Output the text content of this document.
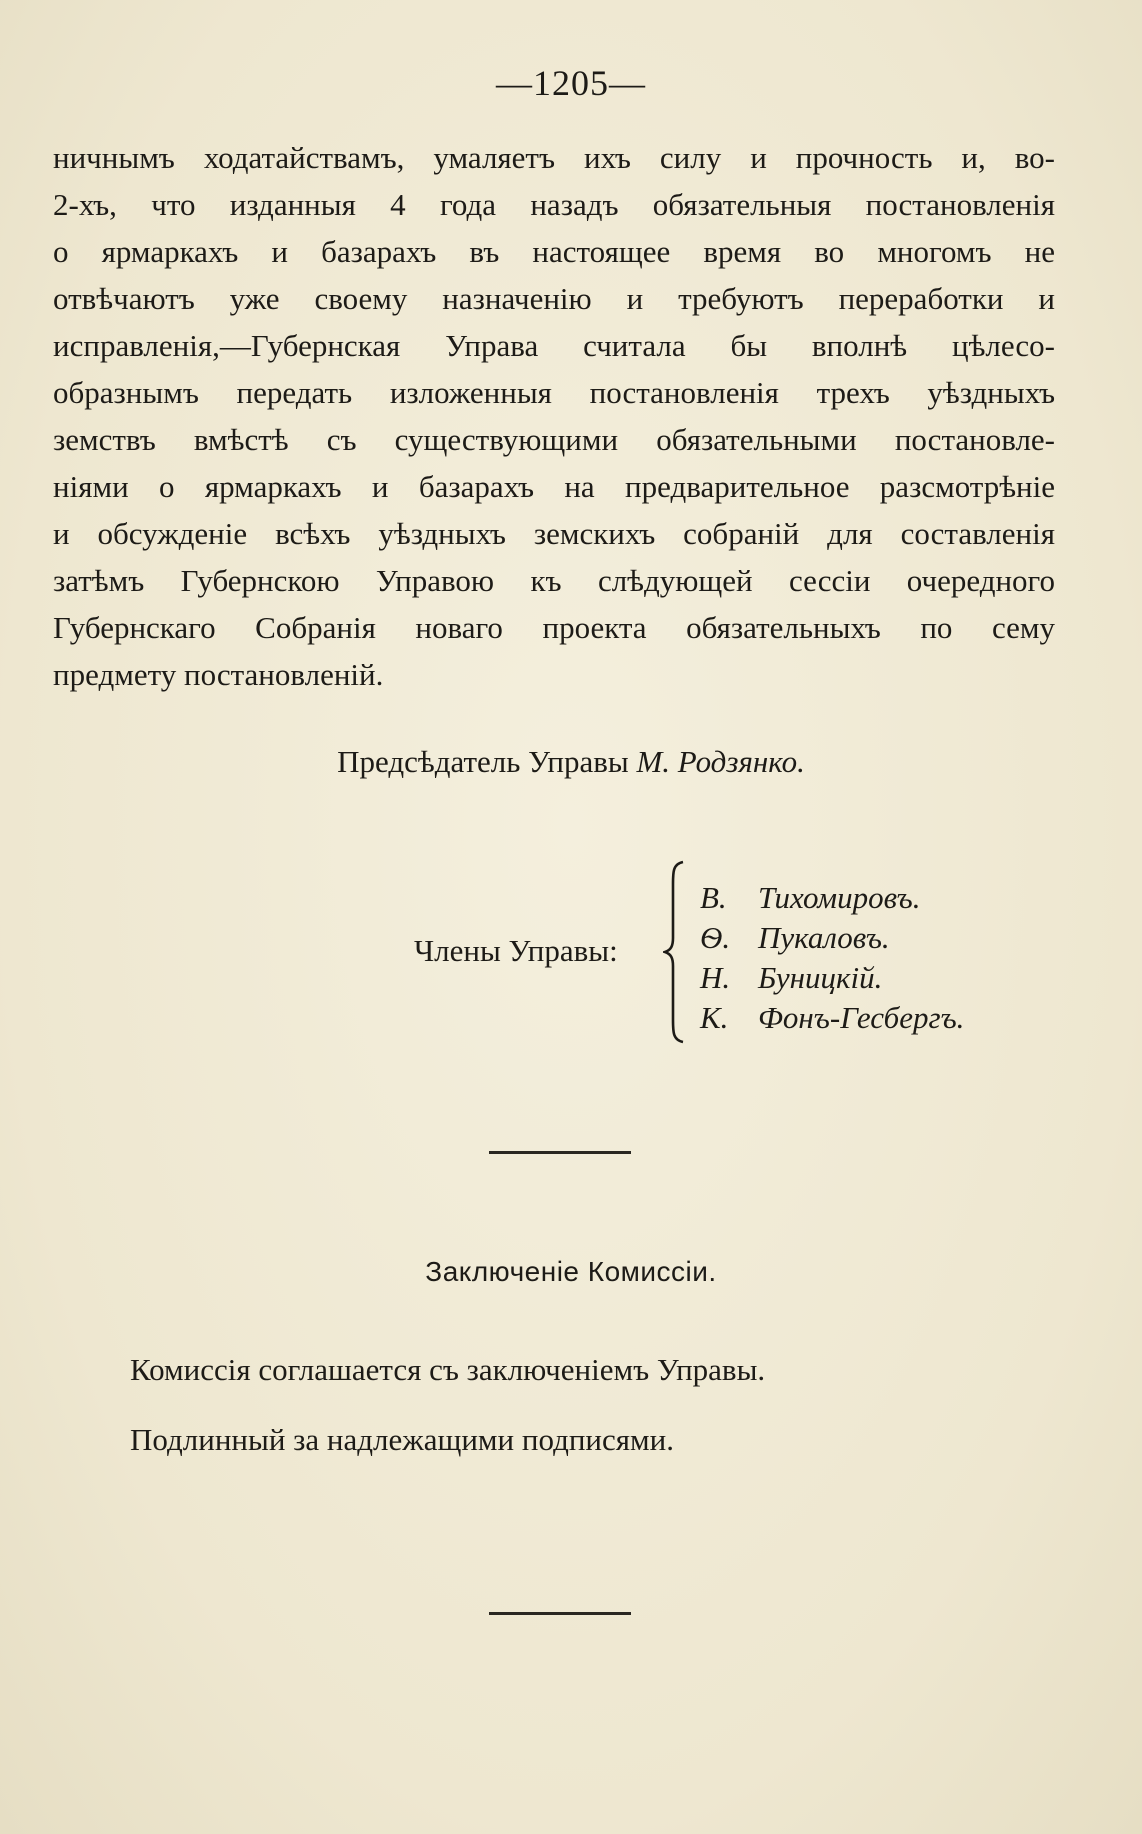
—1205—
ничнымъ ходатайствамъ, умаляетъ ихъ силу и прочность и, во-
2-хъ, что изданныя 4 года назадъ обязательныя постановленія
о ярмаркахъ и базарахъ въ настоящее время во многомъ не
отвѣчаютъ уже своему назначенію и требуютъ переработки и
исправленія,—Губернская Управа считала бы вполнѣ цѣлесо-
образнымъ передать изложенныя постановленія трехъ уѣздныхъ
земствъ вмѣстѣ съ существующими обязательными постановле-
ніями о ярмаркахъ и базарахъ на предварительное разсмотрѣніе
и обсужденіе всѣхъ уѣздныхъ земскихъ собраній для составленія
затѣмъ Губернскою Управою къ слѣдующей сессіи очередного
Губернскаго Собранія новаго проекта обязательныхъ по сему
предмету постановленій.
Предсѣдатель Управы М. Родзянко.
Члены Управы:
В. Тихомировъ.
Ѳ. Пукаловъ.
Н. Буницкій.
К. Фонъ-Гесбергъ.
Заключеніе Комиссіи.
Комиссія соглашается съ заключеніемъ Управы.
Подлинный за надлежащими подписями.
